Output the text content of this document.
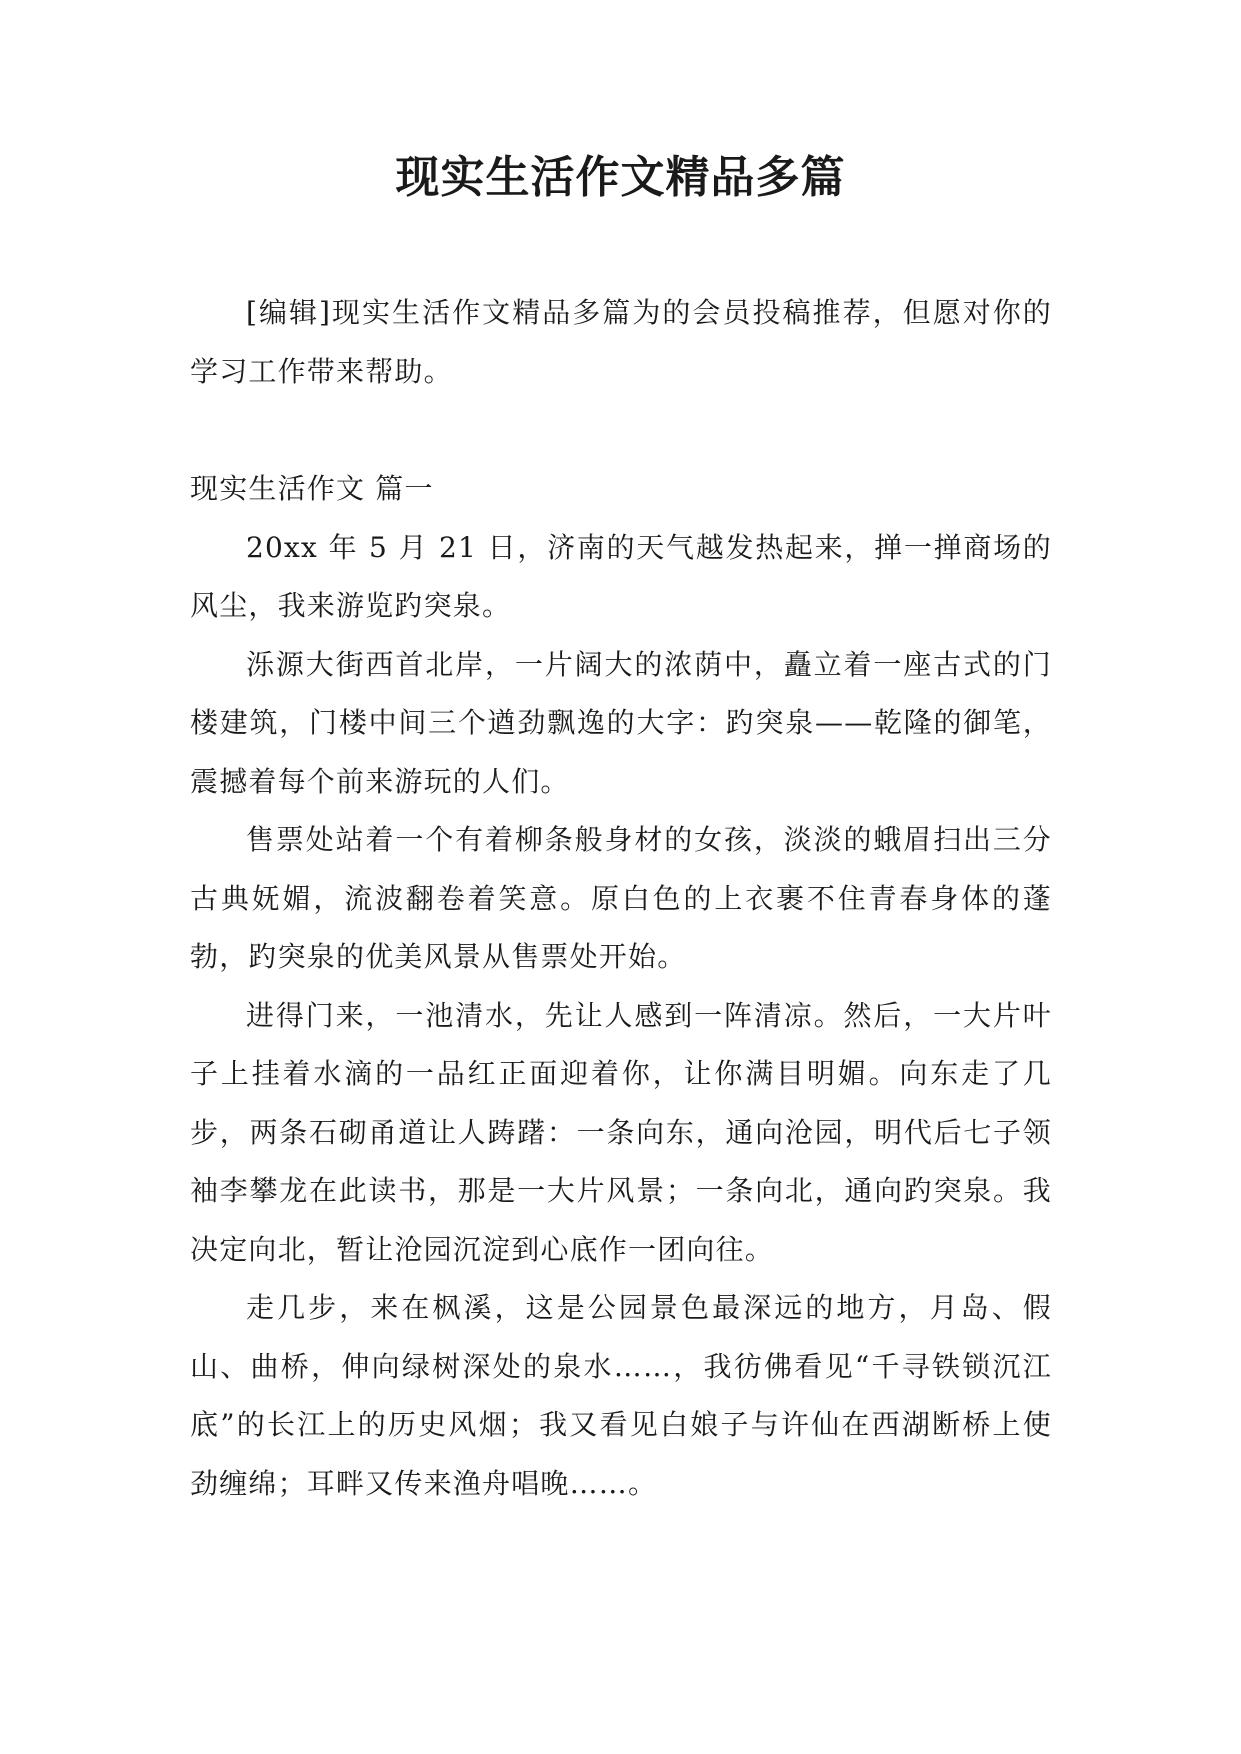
现实生活作文精品多篇

[编辑]现实生活作文精品多篇为的会员投稿推荐，但愿对你的学习工作带来帮助。

现实生活作文 篇一

20xx 年 5 月 21 日，济南的天气越发热起来，掸一掸商场的风尘，我来游览趵突泉。

泺源大街西首北岸，一片阔大的浓荫中，矗立着一座古式的门楼建筑，门楼中间三个遒劲飘逸的大字：趵突泉——乾隆的御笔，震撼着每个前来游玩的人们。

售票处站着一个有着柳条般身材的女孩，淡淡的蛾眉扫出三分古典妩媚，流波翻卷着笑意。原白色的上衣裹不住青春身体的蓬勃，趵突泉的优美风景从售票处开始。

进得门来，一池清水，先让人感到一阵清凉。然后，一大片叶子上挂着水滴的一品红正面迎着你，让你满目明媚。向东走了几步，两条石砌甬道让人踌躇：一条向东，通向沧园，明代后七子领袖李攀龙在此读书，那是一大片风景；一条向北，通向趵突泉。我决定向北，暂让沧园沉淀到心底作一团向往。

走几步，来在枫溪，这是公园景色最深远的地方，月岛、假山、曲桥，伸向绿树深处的泉水……，我彷佛看见“千寻铁锁沉江底”的长江上的历史风烟；我又看见白娘子与许仙在西湖断桥上使劲缠绵；耳畔又传来渔舟唱晚……。
